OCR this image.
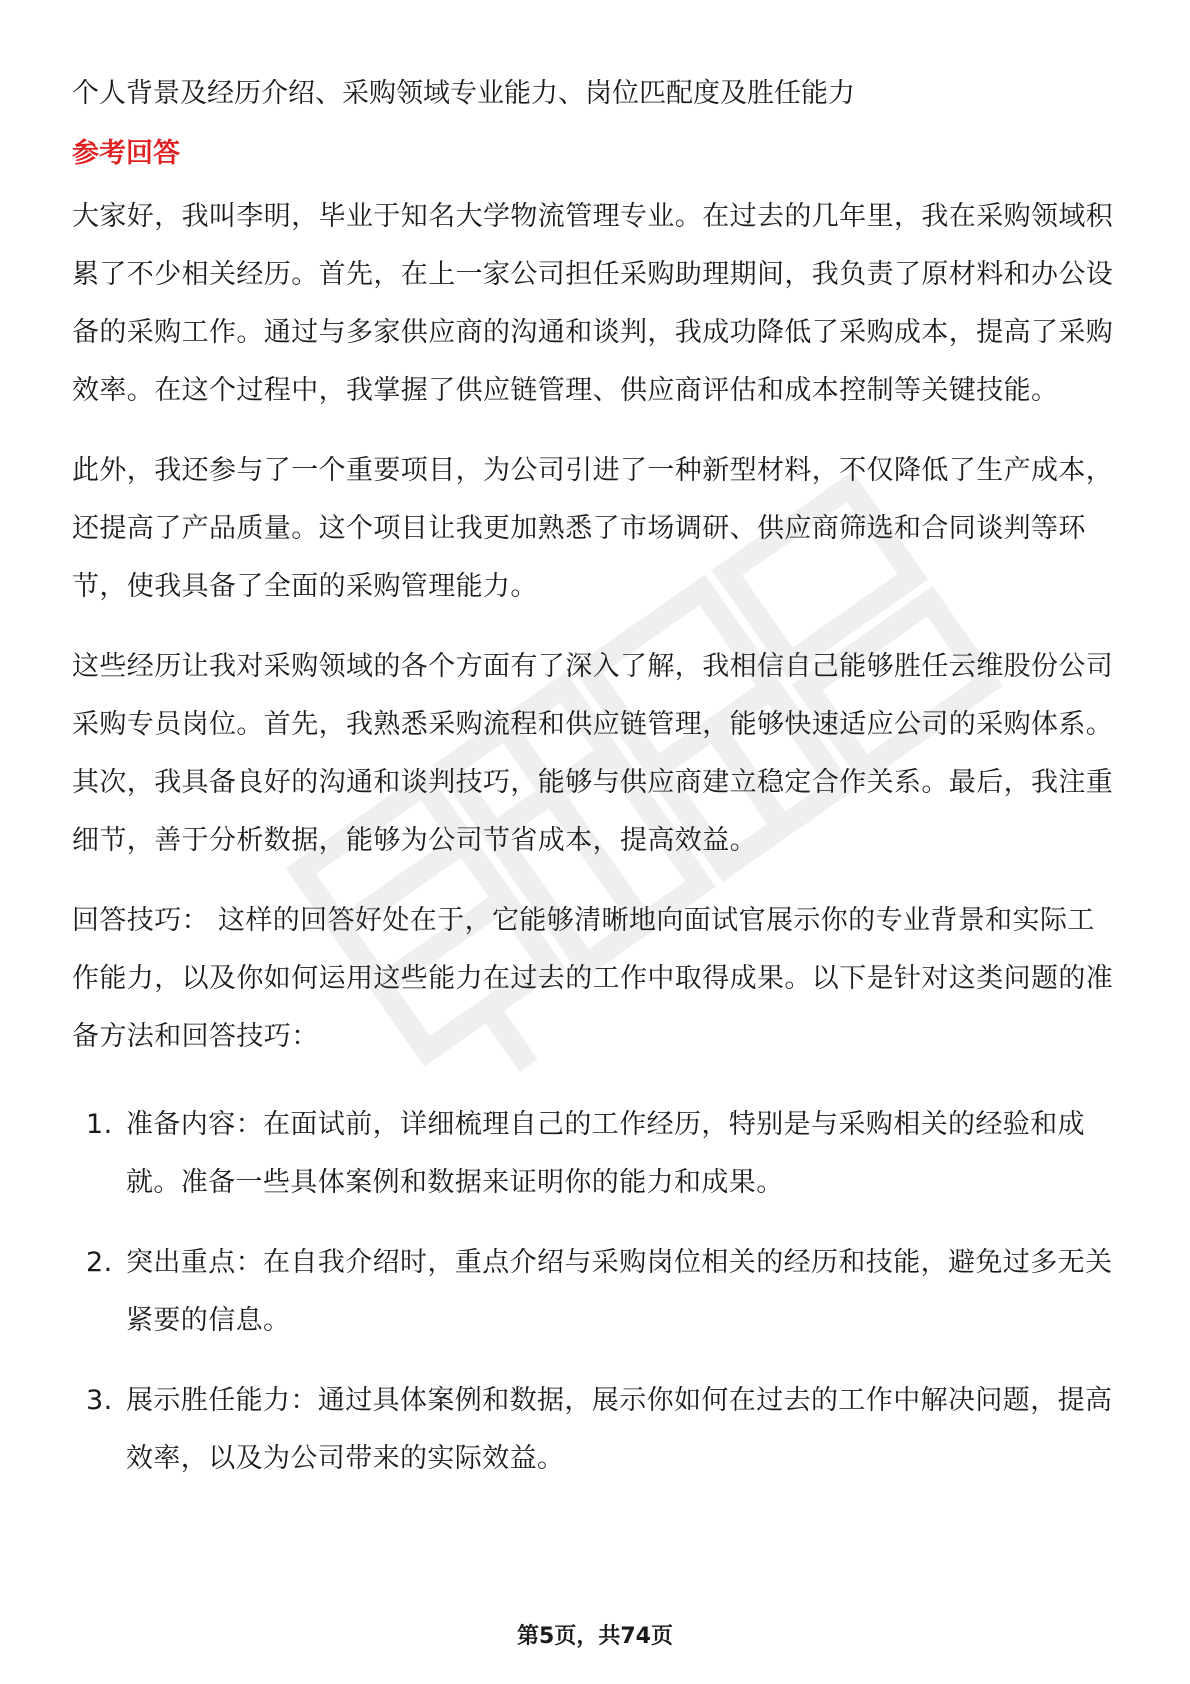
个人背景及经历介绍、采购领域专业能力、岗位匹配度及胜任能力

参考回答

大家好，我叫李明，毕业于知名大学物流管理专业。在过去的几年里，我在采购领域积累了不少相关经历。首先，在上一家公司担任采购助理期间，我负责了原材料和办公设备的采购工作。通过与多家供应商的沟通和谈判，我成功降低了采购成本，提高了采购效率。在这个过程中，我掌握了供应链管理、供应商评估和成本控制等关键技能。

此外，我还参与了一个重要项目，为公司引进了一种新型材料，不仅降低了生产成本，还提高了产品质量。这个项目让我更加熟悉了市场调研、供应商筛选和合同谈判等环节，使我具备了全面的采购管理能力。

这些经历让我对采购领域的各个方面有了深入了解，我相信自己能够胜任云维股份公司采购专员岗位。首先，我熟悉采购流程和供应链管理，能够快速适应公司的采购体系。其次，我具备良好的沟通和谈判技巧，能够与供应商建立稳定合作关系。最后，我注重细节，善于分析数据，能够为公司节省成本，提高效益。

回答技巧： 这样的回答好处在于，它能够清晰地向面试官展示你的专业背景和实际工作能力，以及你如何运用这些能力在过去的工作中取得成果。以下是针对这类问题的准备方法和回答技巧：

1. 准备内容：在面试前，详细梳理自己的工作经历，特别是与采购相关的经验和成就。准备一些具体案例和数据来证明你的能力和成果。
2. 突出重点：在自我介绍时，重点介绍与采购岗位相关的经历和技能，避免过多无关紧要的信息。
3. 展示胜任能力：通过具体案例和数据，展示你如何在过去的工作中解决问题，提高效率，以及为公司带来的实际效益。
第5页，共74页
